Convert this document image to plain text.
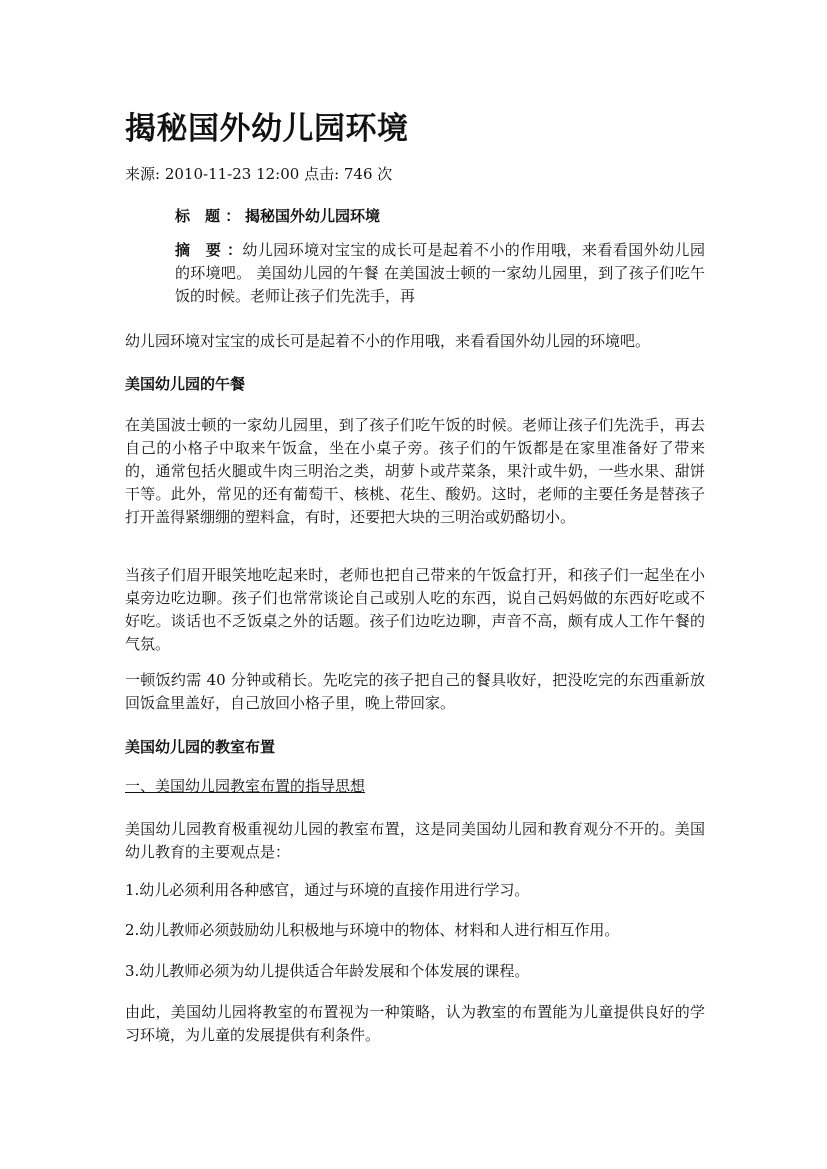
揭秘国外幼儿园环境
来源: 2010-11-23 12:00 点击: 746 次
标　题 ： 揭秘国外幼儿园环境
摘　要 ：幼儿园环境对宝宝的成长可是起着不小的作用哦，来看看国外幼儿园的环境吧。 美国幼儿园的午餐 在美国波士顿的一家幼儿园里，到了孩子们吃午饭的时候。老师让孩子们先洗手，再
幼儿园环境对宝宝的成长可是起着不小的作用哦，来看看国外幼儿园的环境吧。
美国幼儿园的午餐
在美国波士顿的一家幼儿园里，到了孩子们吃午饭的时候。老师让孩子们先洗手，再去自己的小格子中取来午饭盒，坐在小桌子旁。孩子们的午饭都是在家里准备好了带来的，通常包括火腿或牛肉三明治之类，胡萝卜或芹菜条，果汁或牛奶，一些水果、甜饼干等。此外，常见的还有葡萄干、核桃、花生、酸奶。这时，老师的主要任务是替孩子打开盖得紧绷绷的塑料盒，有时，还要把大块的三明治或奶酪切小。
当孩子们眉开眼笑地吃起来时，老师也把自己带来的午饭盒打开，和孩子们一起坐在小桌旁边吃边聊。孩子们也常常谈论自己或别人吃的东西，说自己妈妈做的东西好吃或不好吃。谈话也不乏饭桌之外的话题。孩子们边吃边聊，声音不高，颇有成人工作午餐的气氛。
一顿饭约需 40 分钟或稍长。先吃完的孩子把自己的餐具收好，把没吃完的东西重新放回饭盒里盖好，自己放回小格子里，晚上带回家。
美国幼儿园的教室布置
一、美国幼儿园教室布置的指导思想
美国幼儿园教育极重视幼儿园的教室布置，这是同美国幼儿园和教育观分不开的。美国幼儿教育的主要观点是：
1.幼儿必须利用各种感官，通过与环境的直接作用进行学习。
2.幼儿教师必须鼓励幼儿积极地与环境中的物体、材料和人进行相互作用。
3.幼儿教师必须为幼儿提供适合年龄发展和个体发展的课程。
由此，美国幼儿园将教室的布置视为一种策略，认为教室的布置能为儿童提供良好的学习环境，为儿童的发展提供有利条件。
